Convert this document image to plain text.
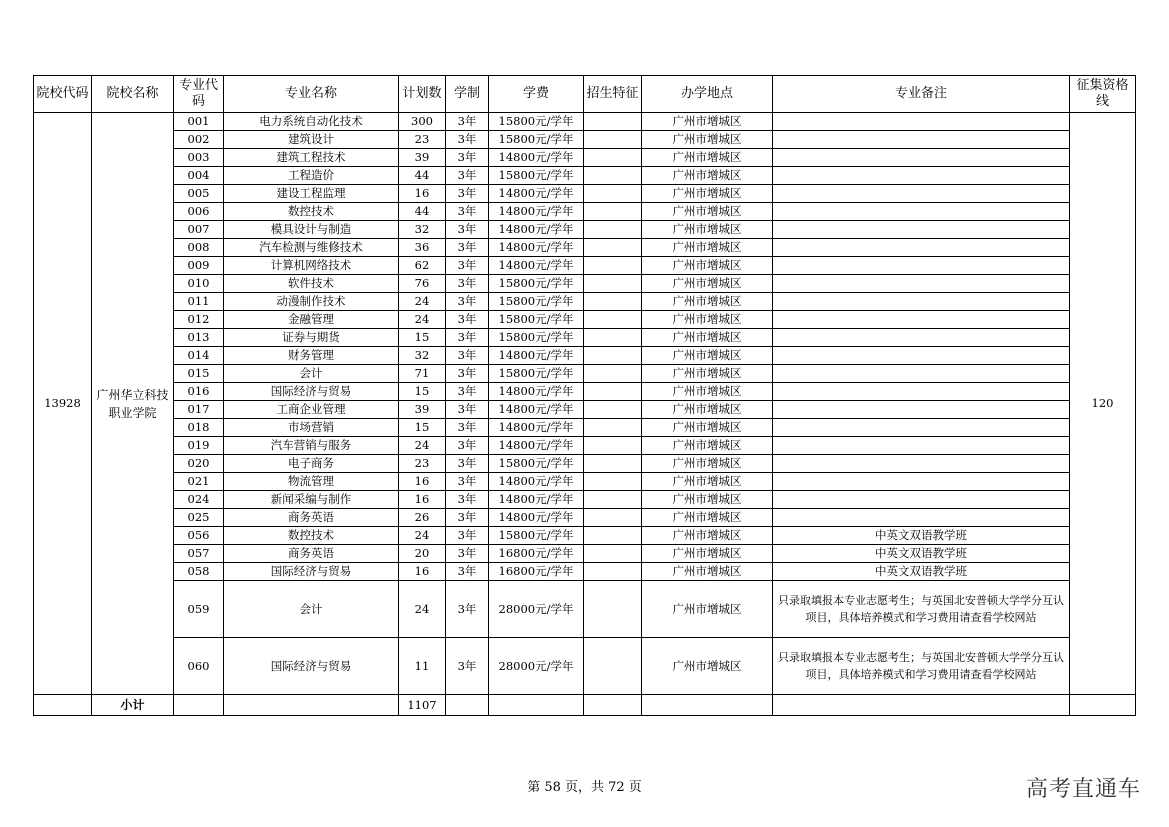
院校代码	院校名称	专业代码	专业名称	计划数	学制	学费	招生特征	办学地点	专业备注	征集资格线
13928	广州华立科技职业学院	001	电力系统自动化技术	300	3年	15800元/学年		广州市增城区		120
		002	建筑设计	23	3年	15800元/学年		广州市增城区		
		003	建筑工程技术	39	3年	14800元/学年		广州市增城区		
		004	工程造价	44	3年	15800元/学年		广州市增城区		
		005	建设工程监理	16	3年	14800元/学年		广州市增城区		
		006	数控技术	44	3年	14800元/学年		广州市增城区		
		007	模具设计与制造	32	3年	14800元/学年		广州市增城区		
		008	汽车检测与维修技术	36	3年	14800元/学年		广州市增城区		
		009	计算机网络技术	62	3年	14800元/学年		广州市增城区		
		010	软件技术	76	3年	15800元/学年		广州市增城区		
		011	动漫制作技术	24	3年	15800元/学年		广州市增城区		
		012	金融管理	24	3年	15800元/学年		广州市增城区		
		013	证券与期货	15	3年	15800元/学年		广州市增城区		
		014	财务管理	32	3年	14800元/学年		广州市增城区		
		015	会计	71	3年	15800元/学年		广州市增城区		
		016	国际经济与贸易	15	3年	14800元/学年		广州市增城区		
		017	工商企业管理	39	3年	14800元/学年		广州市增城区		
		018	市场营销	15	3年	14800元/学年		广州市增城区		
		019	汽车营销与服务	24	3年	14800元/学年		广州市增城区		
		020	电子商务	23	3年	15800元/学年		广州市增城区		
		021	物流管理	16	3年	14800元/学年		广州市增城区		
		024	新闻采编与制作	16	3年	14800元/学年		广州市增城区		
		025	商务英语	26	3年	14800元/学年		广州市增城区		
		056	数控技术	24	3年	15800元/学年		广州市增城区	中英文双语教学班	
		057	商务英语	20	3年	16800元/学年		广州市增城区	中英文双语教学班	
		058	国际经济与贸易	16	3年	16800元/学年		广州市增城区	中英文双语教学班	
		059	会计	24	3年	28000元/学年		广州市增城区	只录取填报本专业志愿考生；与英国北安普顿大学学分互认项目，具体培养模式和学习费用请查看学校网站	
		060	国际经济与贸易	11	3年	28000元/学年		广州市增城区	只录取填报本专业志愿考生；与英国北安普顿大学学分互认项目，具体培养模式和学习费用请查看学校网站	
	小计			1107						
第 58 页，共 72 页	高考直通车
